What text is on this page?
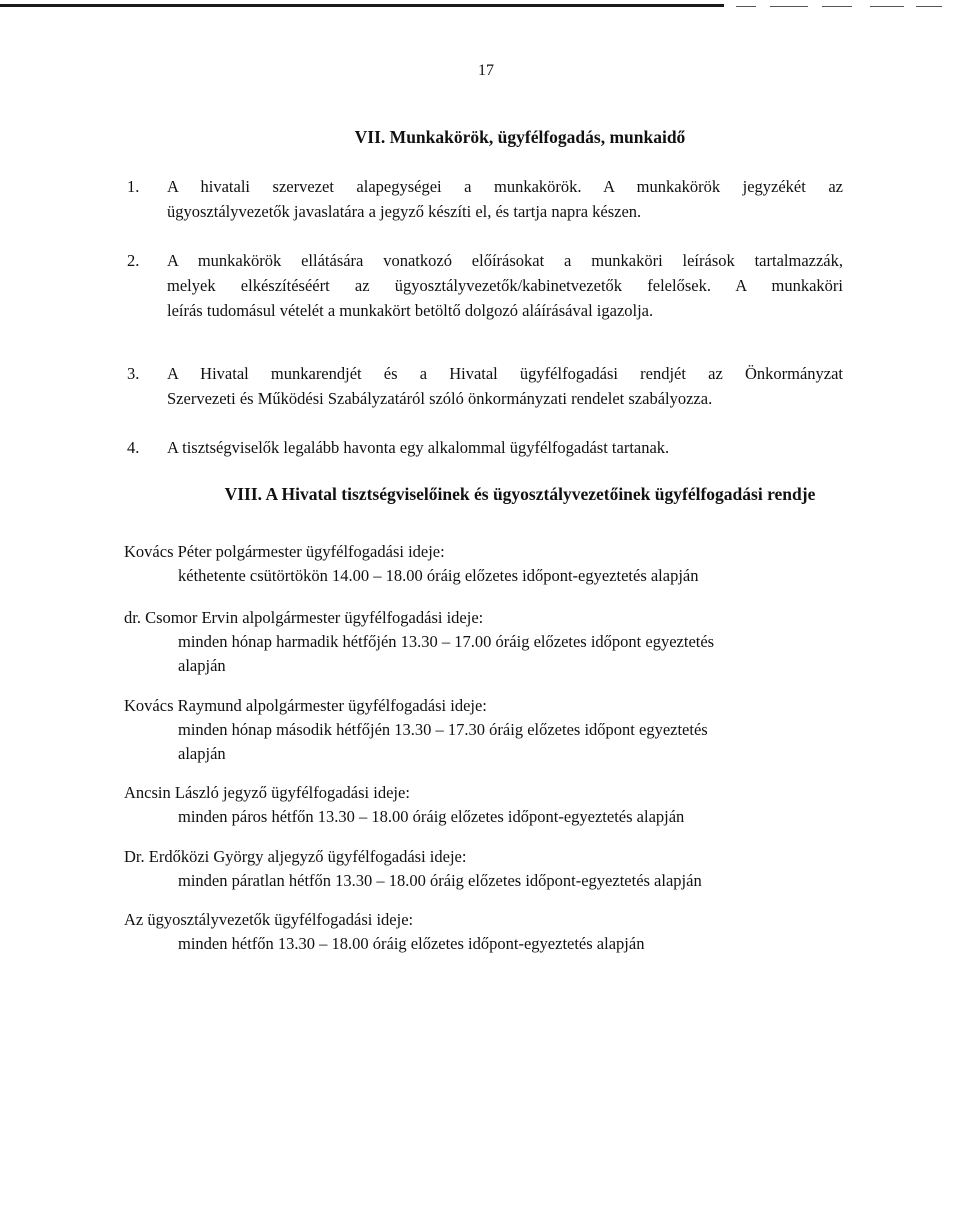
17
VII. Munkakörök, ügyfélfogadás, munkaidő
1.	A hivatali szervezet alapegységei a munkakörök. A munkakörök jegyzékét az
ügyosztályvezetők javaslatára a jegyző készíti el, és tartja napra készen.
2.	A munkakörök ellátására vonatkozó előírásokat a munkaköri leírások tartalmazzák,
melyek elkészítéséért az ügyosztályvezetők/kabinetvezetők felelősek. A munkaköri
leírás tudomásul vételét a munkakört betöltő dolgozó aláírásával igazolja.
3.	A Hivatal munkarendjét és a Hivatal ügyfélfogadási rendjét az Önkormányzat
Szervezeti és Működési Szabályzatáról szóló önkormányzati rendelet szabályozza.
4.	A tisztségviselők legalább havonta egy alkalommal ügyfélfogadást tartanak.
VIII. A Hivatal tisztségviselőinek és ügyosztályvezetőinek ügyfélfogadási rendje
Kovács Péter polgármester ügyfélfogadási ideje:
kéthetente csütörtökön 14.00 – 18.00 óráig előzetes időpont-egyeztetés alapján
dr. Csomor Ervin alpolgármester ügyfélfogadási ideje:
minden hónap harmadik hétfőjén 13.30 – 17.00 óráig előzetes időpont egyeztetés
alapján
Kovács Raymund alpolgármester ügyfélfogadási ideje:
minden hónap második hétfőjén 13.30 – 17.30 óráig előzetes időpont egyeztetés
alapján
Ancsin László jegyző ügyfélfogadási ideje:
minden páros hétfőn 13.30 – 18.00 óráig előzetes időpont-egyeztetés alapján
Dr. Erdőközi György aljegyző ügyfélfogadási ideje:
minden páratlan hétfőn 13.30 – 18.00 óráig előzetes időpont-egyeztetés alapján
Az ügyosztályvezetők ügyfélfogadási ideje:
minden hétfőn 13.30 – 18.00 óráig előzetes időpont-egyeztetés alapján
